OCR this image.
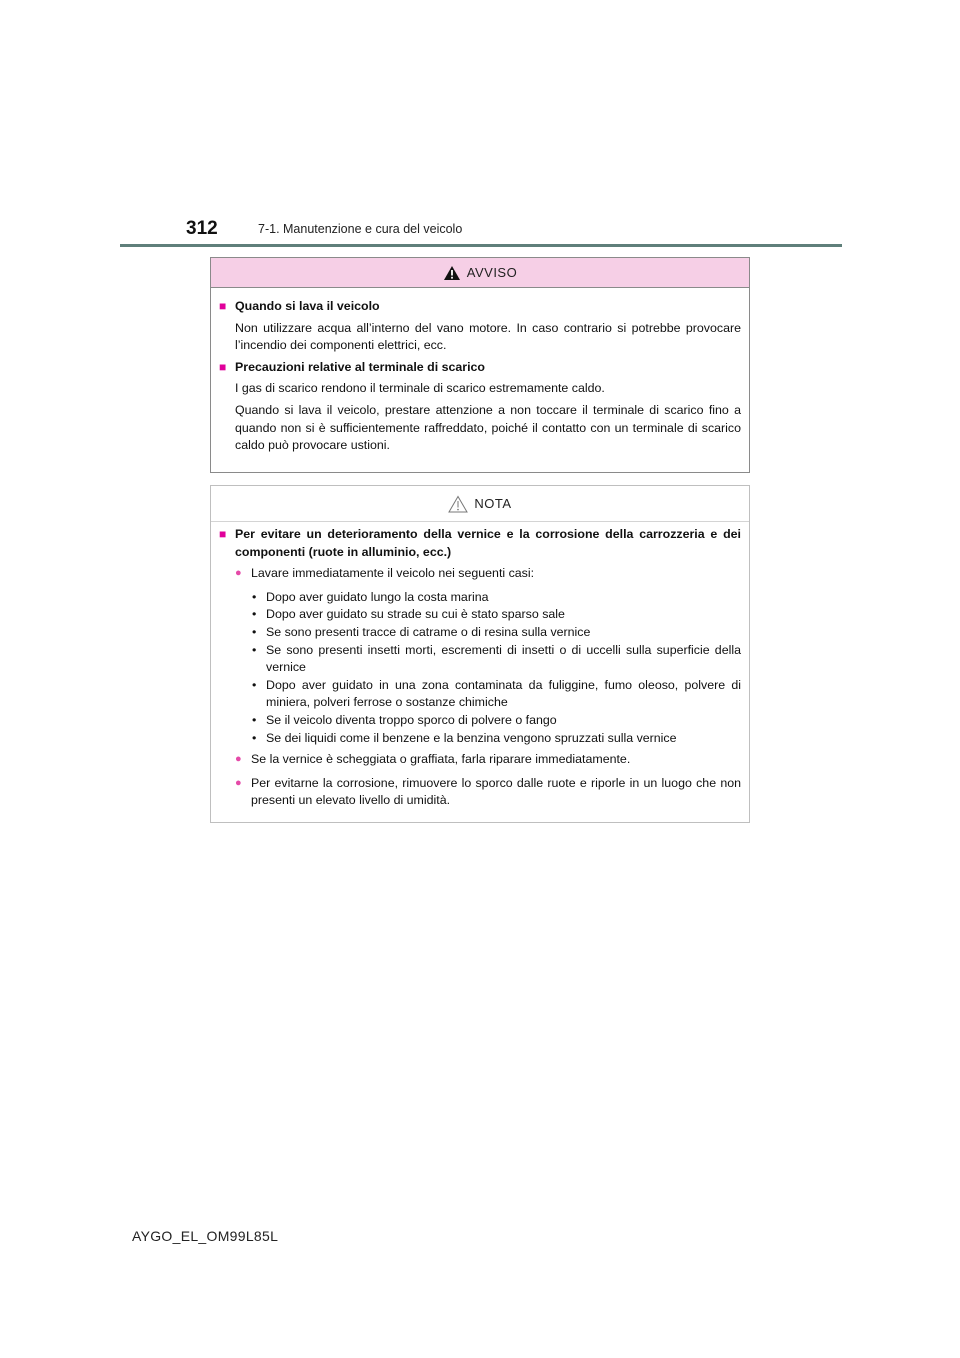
312	7-1. Manutenzione e cura del veicolo
AVVISO
■ Quando si lava il veicolo

Non utilizzare acqua all’interno del vano motore. In caso contrario si potrebbe provocare l’incendio dei componenti elettrici, ecc.

■ Precauzioni relative al terminale di scarico

I gas di scarico rendono il terminale di scarico estremamente caldo.

Quando si lava il veicolo, prestare attenzione a non toccare il terminale di scarico fino a quando non si è sufficientemente raffreddato, poiché il contatto con un terminale di scarico caldo può provocare ustioni.

NOTA
■ Per evitare un deterioramento della vernice e la corrosione della carrozzeria e dei componenti (ruote in alluminio, ecc.)
● Lavare immediatamente il veicolo nei seguenti casi:
• Dopo aver guidato lungo la costa marina
• Dopo aver guidato su strade su cui è stato sparso sale
• Se sono presenti tracce di catrame o di resina sulla vernice
• Se sono presenti insetti morti, escrementi di insetti o di uccelli sulla superficie della vernice
• Dopo aver guidato in una zona contaminata da fuliggine, fumo oleoso, polvere di miniera, polveri ferrose o sostanze chimiche
• Se il veicolo diventa troppo sporco di polvere o fango
• Se dei liquidi come il benzene e la benzina vengono spruzzati sulla vernice
● Se la vernice è scheggiata o graffiata, farla riparare immediatamente.
● Per evitarne la corrosione, rimuovere lo sporco dalle ruote e riporle in un luogo che non presenti un elevato livello di umidità.
AYGO_EL_OM99L85L
